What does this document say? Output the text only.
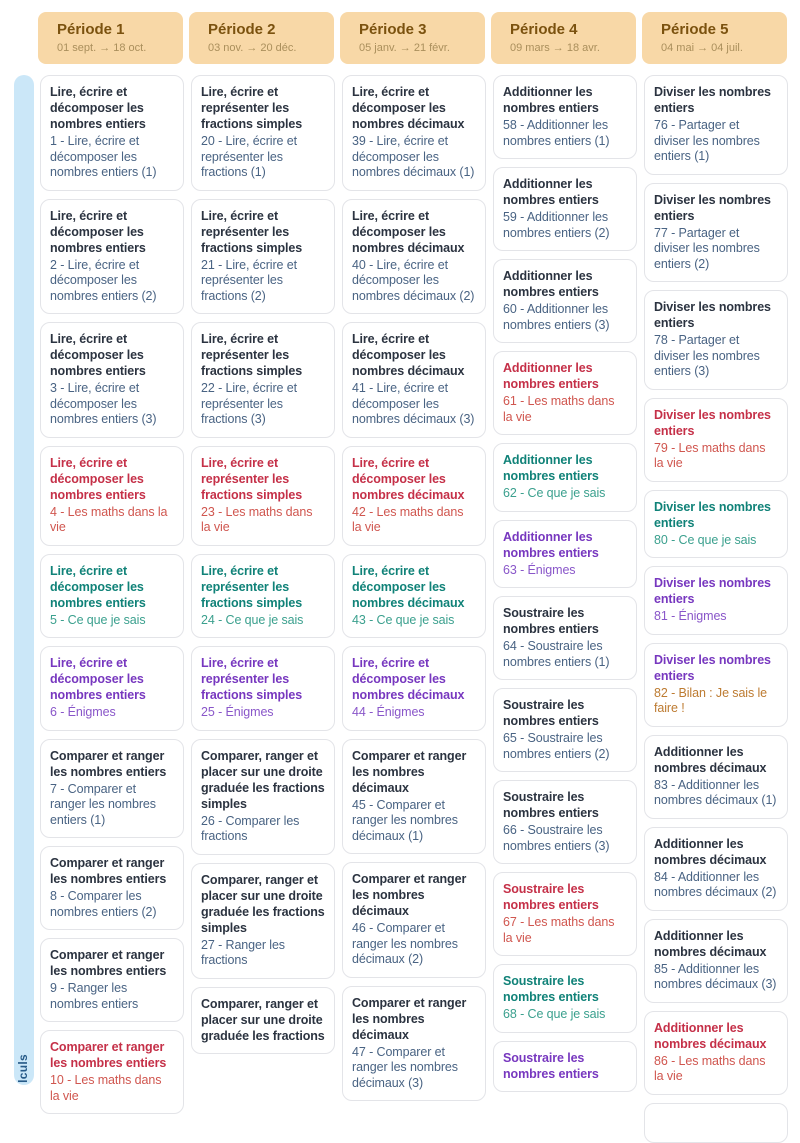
Période 1
01 sept. → 18 oct.
Période 2
03 nov. → 20 déc.
Période 3
05 janv. → 21 févr.
Période 4
09 mars → 18 avr.
Période 5
04 mai → 04 juil.
lculs
Lire, écrire et décomposer les nombres entiers
1 - Lire, écrire et décomposer les nombres entiers (1)
Lire, écrire et décomposer les nombres entiers
2 - Lire, écrire et décomposer les nombres entiers (2)
Lire, écrire et décomposer les nombres entiers
3 - Lire, écrire et décomposer les nombres entiers (3)
Lire, écrire et décomposer les nombres entiers
4 - Les maths dans la vie
Lire, écrire et décomposer les nombres entiers
5 - Ce que je sais
Lire, écrire et décomposer les nombres entiers
6 - Énigmes
Comparer et ranger les nombres entiers
7 - Comparer et ranger les nombres entiers (1)
Comparer et ranger les nombres entiers
8 - Comparer les nombres entiers (2)
Comparer et ranger les nombres entiers
9 - Ranger les nombres entiers
Comparer et ranger les nombres entiers
10 - Les maths dans la vie
Lire, écrire et représenter les fractions simples
20 - Lire, écrire et représenter les fractions (1)
Lire, écrire et représenter les fractions simples
21 - Lire, écrire et représenter les fractions (2)
Lire, écrire et représenter les fractions simples
22 - Lire, écrire et représenter les fractions (3)
Lire, écrire et représenter les fractions simples
23 - Les maths dans la vie
Lire, écrire et représenter les fractions simples
24 - Ce que je sais
Lire, écrire et représenter les fractions simples
25 - Énigmes
Comparer, ranger et placer sur une droite graduée les fractions simples
26 - Comparer les fractions
Comparer, ranger et placer sur une droite graduée les fractions simples
27 - Ranger les fractions
Comparer, ranger et placer sur une droite graduée les fractions
Lire, écrire et décomposer les nombres décimaux
39 - Lire, écrire et décomposer les nombres décimaux (1)
Lire, écrire et décomposer les nombres décimaux
40 - Lire, écrire et décomposer les nombres décimaux (2)
Lire, écrire et décomposer les nombres décimaux
41 - Lire, écrire et décomposer les nombres décimaux (3)
Lire, écrire et décomposer les nombres décimaux
42 - Les maths dans la vie
Lire, écrire et décomposer les nombres décimaux
43 - Ce que je sais
Lire, écrire et décomposer les nombres décimaux
44 - Énigmes
Comparer et ranger les nombres décimaux
45 - Comparer et ranger les nombres décimaux (1)
Comparer et ranger les nombres décimaux
46 - Comparer et ranger les nombres décimaux (2)
Comparer et ranger les nombres décimaux
47 - Comparer et ranger les nombres décimaux (3)
Additionner les nombres entiers
58 - Additionner les nombres entiers (1)
Additionner les nombres entiers
59 - Additionner les nombres entiers (2)
Additionner les nombres entiers
60 - Additionner les nombres entiers (3)
Additionner les nombres entiers
61 - Les maths dans la vie
Additionner les nombres entiers
62 - Ce que je sais
Additionner les nombres entiers
63 - Énigmes
Soustraire les nombres entiers
64 - Soustraire les nombres entiers (1)
Soustraire les nombres entiers
65 - Soustraire les nombres entiers (2)
Soustraire les nombres entiers
66 - Soustraire les nombres entiers (3)
Soustraire les nombres entiers
67 - Les maths dans la vie
Soustraire les nombres entiers
68 - Ce que je sais
Soustraire les nombres entiers
Diviser les nombres entiers
76 - Partager et diviser les nombres entiers (1)
Diviser les nombres entiers
77 - Partager et diviser les nombres entiers (2)
Diviser les nombres entiers
78 - Partager et diviser les nombres entiers (3)
Diviser les nombres entiers
79 - Les maths dans la vie
Diviser les nombres entiers
80 - Ce que je sais
Diviser les nombres entiers
81 - Énigmes
Diviser les nombres entiers
82 - Bilan : Je sais le faire !
Additionner les nombres décimaux
83 - Additionner les nombres décimaux (1)
Additionner les nombres décimaux
84 - Additionner les nombres décimaux (2)
Additionner les nombres décimaux
85 - Additionner les nombres décimaux (3)
Additionner les nombres décimaux
86 - Les maths dans la vie
